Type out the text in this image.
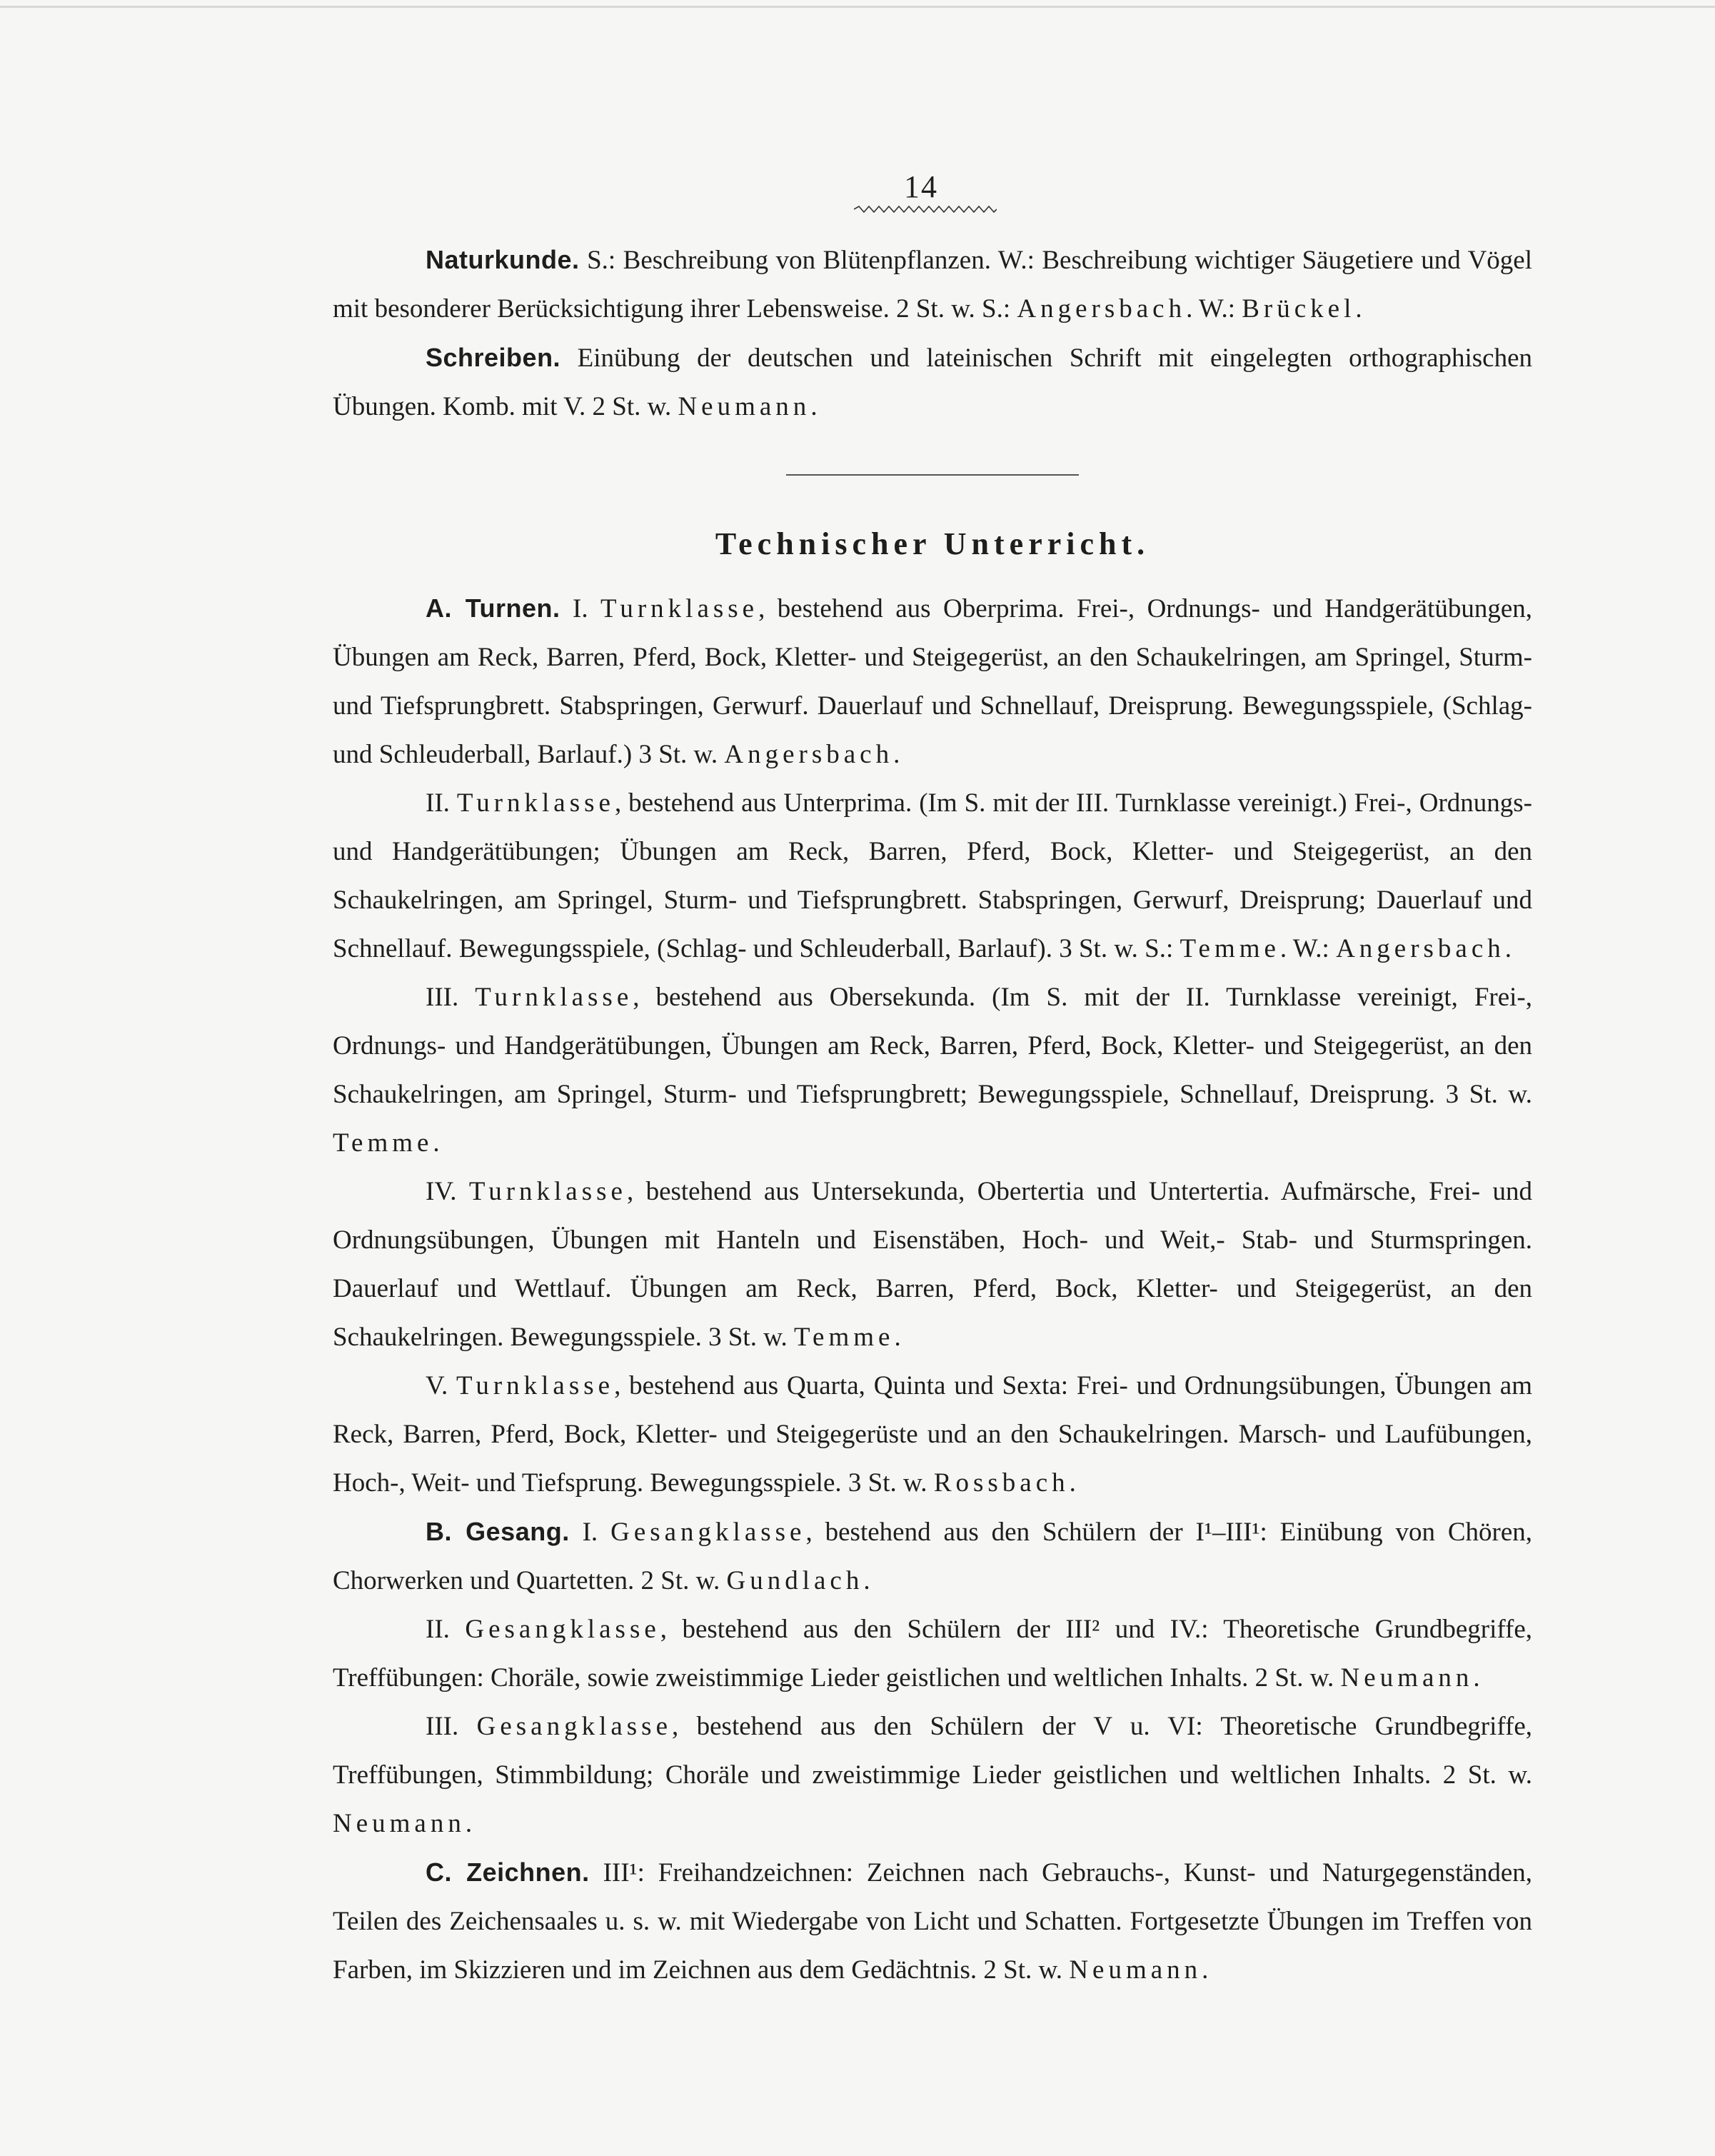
14

Naturkunde. S.: Beschreibung von Blütenpflanzen. W.: Beschreibung wichtiger Säugetiere und Vögel mit besonderer Berücksichtigung ihrer Lebensweise. 2 St. w. S.: Angersbach. W.: Brückel.

Schreiben. Einübung der deutschen und lateinischen Schrift mit eingelegten orthographischen Übungen. Komb. mit V. 2 St. w. Neumann.

Technischer Unterricht.

A. Turnen. I. Turnklasse, bestehend aus Oberprima. Frei-, Ordnungs- und Handgerätübungen, Übungen am Reck, Barren, Pferd, Bock, Kletter- und Steigegerüst, an den Schaukelringen, am Springel, Sturm- und Tiefsprungbrett. Stabspringen, Gerwurf. Dauerlauf und Schnellauf, Dreisprung. Bewegungsspiele, (Schlag- und Schleuderball, Barlauf.) 3 St. w. Angersbach.

II. Turnklasse, bestehend aus Unterprima. (Im S. mit der III. Turnklasse vereinigt.) Frei-, Ordnungs- und Handgerätübungen; Übungen am Reck, Barren, Pferd, Bock, Kletter- und Steigegerüst, an den Schaukelringen, am Springel, Sturm- und Tiefsprungbrett. Stabspringen, Gerwurf, Dreisprung; Dauerlauf und Schnellauf. Bewegungsspiele, (Schlag- und Schleuderball, Barlauf). 3 St. w. S.: Temme. W.: Angersbach.

III. Turnklasse, bestehend aus Obersekunda. (Im S. mit der II. Turnklasse vereinigt, Frei-, Ordnungs- und Handgerätübungen, Übungen am Reck, Barren, Pferd, Bock, Kletter- und Steigegerüst, an den Schaukelringen, am Springel, Sturm- und Tiefsprungbrett; Bewegungsspiele, Schnellauf, Dreisprung. 3 St. w. Temme.

IV. Turnklasse, bestehend aus Untersekunda, Obertertia und Untertertia. Aufmärsche, Frei- und Ordnungsübungen, Übungen mit Hanteln und Eisenstäben, Hoch- und Weit,- Stab- und Sturmspringen. Dauerlauf und Wettlauf. Übungen am Reck, Barren, Pferd, Bock, Kletter- und Steigegerüst, an den Schaukelringen. Bewegungsspiele. 3 St. w. Temme.

V. Turnklasse, bestehend aus Quarta, Quinta und Sexta: Frei- und Ordnungsübungen, Übungen am Reck, Barren, Pferd, Bock, Kletter- und Steigegerüste und an den Schaukelringen. Marsch- und Laufübungen, Hoch-, Weit- und Tiefsprung. Bewegungsspiele. 3 St. w. Rossbach.

B. Gesang. I. Gesangklasse, bestehend aus den Schülern der I¹–III¹: Einübung von Chören, Chorwerken und Quartetten. 2 St. w. Gundlach.

II. Gesangklasse, bestehend aus den Schülern der III² und IV.: Theoretische Grundbegriffe, Treffübungen: Choräle, sowie zweistimmige Lieder geistlichen und weltlichen Inhalts. 2 St. w. Neumann.

III. Gesangklasse, bestehend aus den Schülern der V u. VI: Theoretische Grundbegriffe, Treffübungen, Stimmbildung; Choräle und zweistimmige Lieder geistlichen und weltlichen Inhalts. 2 St. w. Neumann.

C. Zeichnen. III¹: Freihandzeichnen: Zeichnen nach Gebrauchs-, Kunst- und Naturgegenständen, Teilen des Zeichensaales u. s. w. mit Wiedergabe von Licht und Schatten. Fortgesetzte Übungen im Treffen von Farben, im Skizzieren und im Zeichnen aus dem Gedächtnis. 2 St. w. Neumann.
